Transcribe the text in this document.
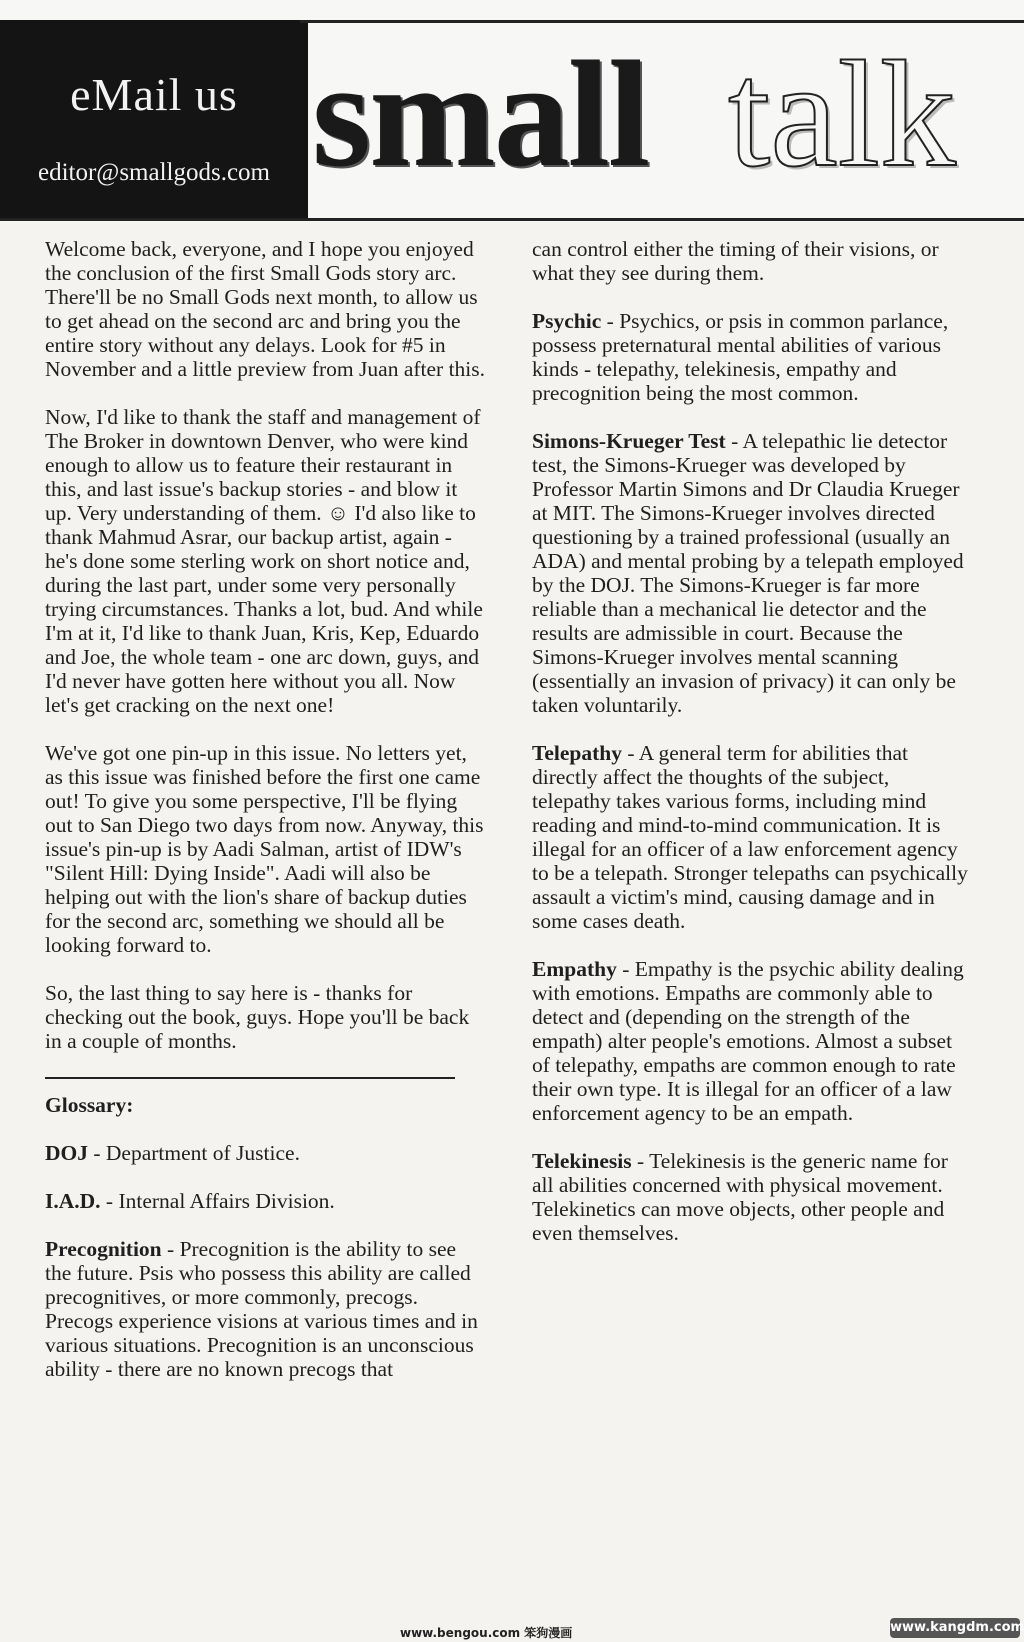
eMail us
editor@smallgods.com small talk

Welcome back, everyone, and I hope you enjoyed the conclusion of the first Small Gods story arc. There'll be no Small Gods next month, to allow us to get ahead on the second arc and bring you the entire story without any delays. Look for #5 in November and a little preview from Juan after this.

Now, I'd like to thank the staff and management of The Broker in downtown Denver, who were kind enough to allow us to feature their restaurant in this, and last issue's backup stories - and blow it up. Very understanding of them. ☺ I'd also like to thank Mahmud Asrar, our backup artist, again - he's done some sterling work on short notice and, during the last part, under some very personally trying circumstances. Thanks a lot, bud. And while I'm at it, I'd like to thank Juan, Kris, Kep, Eduardo and Joe, the whole team - one arc down, guys, and I'd never have gotten here without you all. Now let's get cracking on the next one!

We've got one pin-up in this issue. No letters yet, as this issue was finished before the first one came out! To give you some perspective, I'll be flying out to San Diego two days from now. Anyway, this issue's pin-up is by Aadi Salman, artist of IDW's "Silent Hill: Dying Inside". Aadi will also be helping out with the lion's share of backup duties for the second arc, something we should all be looking forward to.

So, the last thing to say here is - thanks for checking out the book, guys. Hope you'll be back in a couple of months.

Glossary:
DOJ - Department of Justice.
I.A.D. - Internal Affairs Division.
Precognition - Precognition is the ability to see the future. Psis who possess this ability are called precognitives, or more commonly, precogs. Precogs experience visions at various times and in various situations. Precognition is an unconscious ability - there are no known precogs that

can control either the timing of their visions, or what they see during them.

Psychic - Psychics, or psis in common parlance, possess preternatural mental abilities of various kinds - telepathy, telekinesis, empathy and precognition being the most common.
Simons-Krueger Test - A telepathic lie detector test, the Simons-Krueger was developed by Professor Martin Simons and Dr Claudia Krueger at MIT. The Simons-Krueger involves directed questioning by a trained professional (usually an ADA) and mental probing by a telepath employed by the DOJ. The Simons-Krueger is far more reliable than a mechanical lie detector and the results are admissible in court. Because the Simons-Krueger involves mental scanning (essentially an invasion of privacy) it can only be taken voluntarily.
Telepathy - A general term for abilities that directly affect the thoughts of the subject, telepathy takes various forms, including mind reading and mind-to-mind communication. It is illegal for an officer of a law enforcement agency to be a telepath. Stronger telepaths can psychically assault a victim's mind, causing damage and in some cases death.
Empathy - Empathy is the psychic ability dealing with emotions. Empaths are commonly able to detect and (depending on the strength of the empath) alter people's emotions. Almost a subset of telepathy, empaths are common enough to rate their own type. It is illegal for an officer of a law enforcement agency to be an empath.
Telekinesis - Telekinesis is the generic name for all abilities concerned with physical movement. Telekinetics can move objects, other people and even themselves.
www.bengou.com 笨狗漫画	www.kangdm.com
